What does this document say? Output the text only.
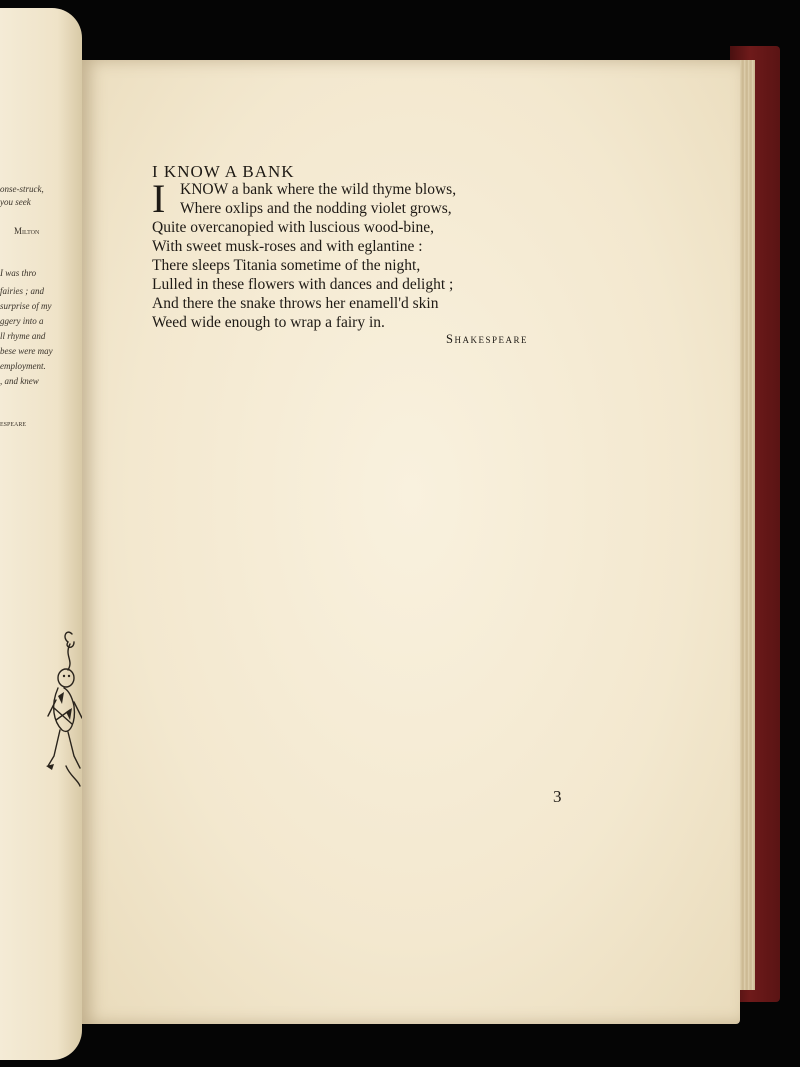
onse-struck,
you seek
Milton
I was thro
fairies ; and
surprise of my
ggery into a
ll rhyme and
bese were may
employment.
, and knew
espeare
I KNOW A BANK
I KNOW a bank where the wild thyme blows,
Where oxlips and the nodding violet grows,
Quite overcanopied with luscious wood-bine,
With sweet musk-roses and with eglantine :
There sleeps Titania sometime of the night,
Lulled in these flowers with dances and delight ;
And there the snake throws her enamell'd skin
Weed wide enough to wrap a fairy in.
Shakespeare
3
